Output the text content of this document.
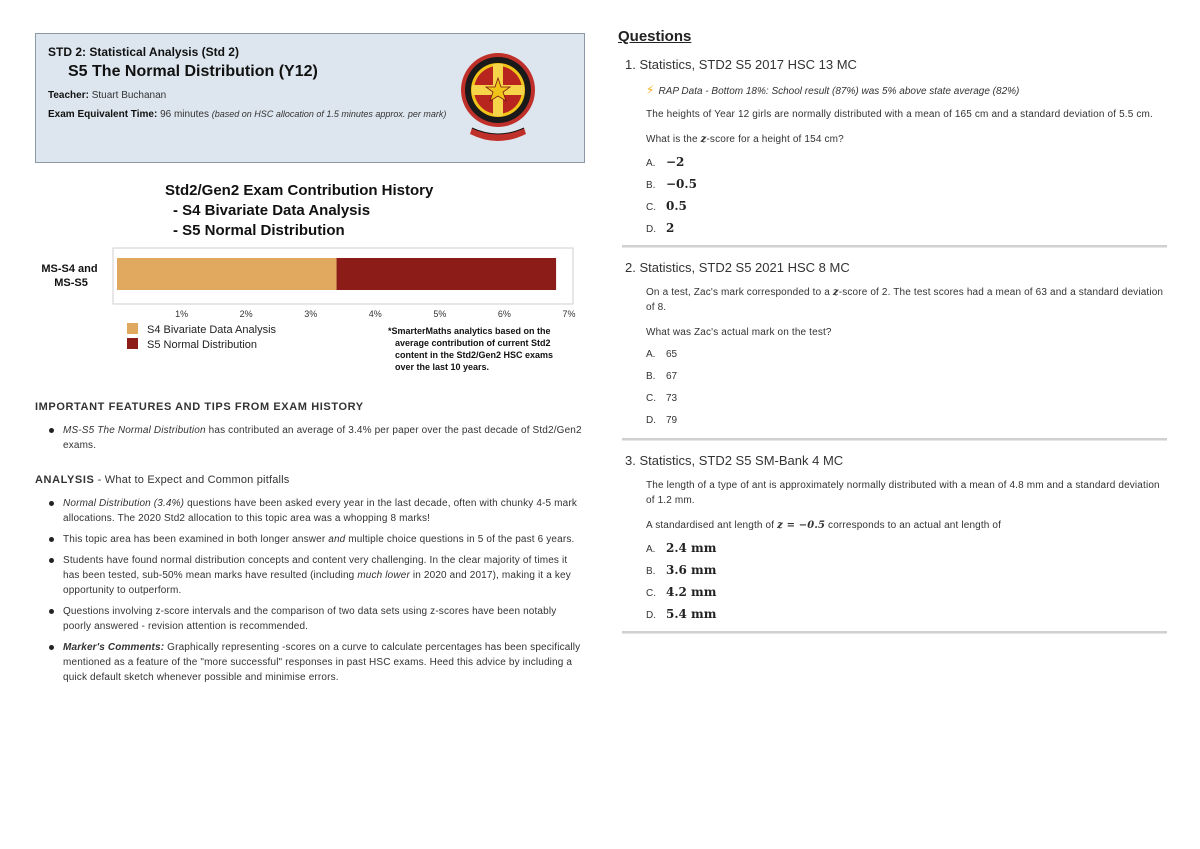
STD 2: Statistical Analysis (Std 2)
S5 The Normal Distribution (Y12)
Teacher: Stuart Buchanan
Exam Equivalent Time: 96 minutes (based on HSC allocation of 1.5 minutes approx. per mark)
Std2/Gen2 Exam Contribution History
- S4 Bivariate Data Analysis
- S5 Normal Distribution
MS-S4 and MS-S5
1%	2%	3%	4%	5%	6%	7%
S4 Bivariate Data Analysis
S5 Normal Distribution
*SmarterMaths analytics based on the
average contribution of current Std2
content in the Std2/Gen2 HSC exams
over the last 10 years.
IMPORTANT FEATURES AND TIPS FROM EXAM HISTORY
MS-S5 The Normal Distribution has contributed an average of 3.4% per paper over the past decade of Std2/Gen2 exams.
ANALYSIS - What to Expect and Common pitfalls
Normal Distribution (3.4%) questions have been asked every year in the last decade, often with chunky 4-5 mark allocations. The 2020 Std2 allocation to this topic area was a whopping 8 marks!
This topic area has been examined in both longer answer and multiple choice questions in 5 of the past 6 years.
Students have found normal distribution concepts and content very challenging. In the clear majority of times it has been tested, sub-50% mean marks have resulted (including much lower in 2020 and 2017), making it a key opportunity to outperform.
Questions involving z-score intervals and the comparison of two data sets using z-scores have been notably poorly answered - revision attention is recommended.
Marker's Comments: Graphically representing -scores on a curve to calculate percentages has been specifically mentioned as a feature of the "more successful" responses in past HSC exams. Heed this advice by including a quick default sketch whenever possible and minimise errors.
Questions
1. Statistics, STD2 S5 2017 HSC 13 MC
⚡ RAP Data - Bottom 18%: School result (87%) was 5% above state average (82%)
The heights of Year 12 girls are normally distributed with a mean of 165 cm and a standard deviation of 5.5 cm.
What is the z-score for a height of 154 cm?
A. −2
B. −0.5
C. 0.5
D. 2
2. Statistics, STD2 S5 2021 HSC 8 MC
On a test, Zac's mark corresponded to a z-score of 2. The test scores had a mean of 63 and a standard deviation of 8.
What was Zac's actual mark on the test?
A. 65
B. 67
C. 73
D. 79
3. Statistics, STD2 S5 SM-Bank 4 MC
The length of a type of ant is approximately normally distributed with a mean of 4.8 mm and a standard deviation of 1.2 mm.
A standardised ant length of z = −0.5 corresponds to an actual ant length of
A. 2.4 mm
B. 3.6 mm
C. 4.2 mm
D. 5.4 mm
